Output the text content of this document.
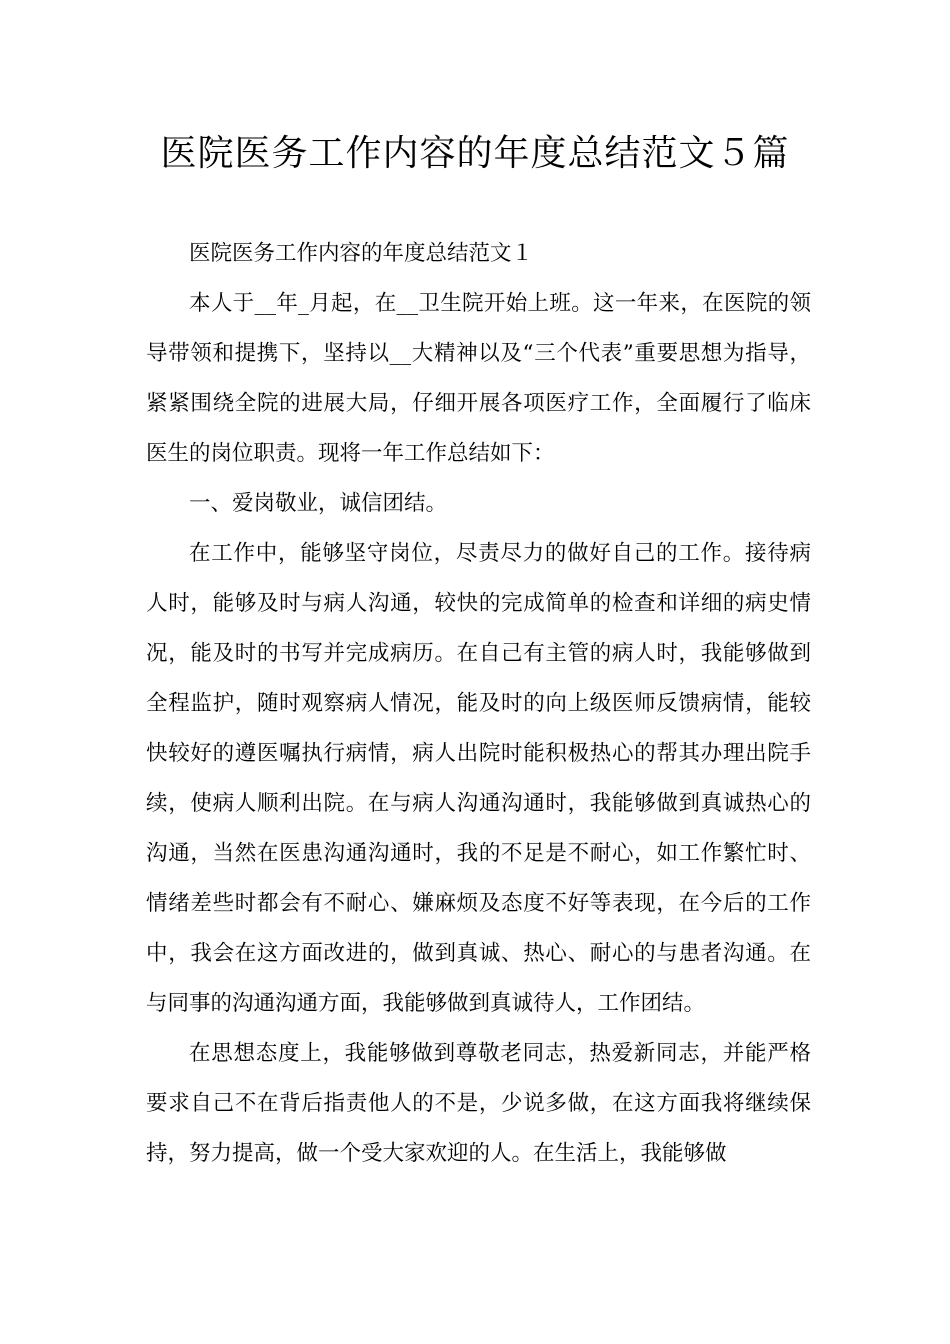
医院医务工作内容的年度总结范文５篇

医院医务工作内容的年度总结范文１

本人于__年_月起，在__卫生院开始上班。这一年来，在医院的领导带领和提携下，坚持以__大精神以及“三个代表”重要思想为指导，紧紧围绕全院的进展大局，仔细开展各项医疗工作，全面履行了临床医生的岗位职责。现将一年工作总结如下：

一、爱岗敬业，诚信团结。

在工作中，能够坚守岗位，尽责尽力的做好自己的工作。接待病人时，能够及时与病人沟通，较快的完成简单的检查和详细的病史情况，能及时的书写并完成病历。在自己有主管的病人时，我能够做到全程监护，随时观察病人情况，能及时的向上级医师反馈病情，能较快较好的遵医嘱执行病情，病人出院时能积极热心的帮其办理出院手续，使病人顺利出院。在与病人沟通沟通时，我能够做到真诚热心的沟通，当然在医患沟通沟通时，我的不足是不耐心，如工作繁忙时、情绪差些时都会有不耐心、嫌麻烦及态度不好等表现，在今后的工作中，我会在这方面改进的，做到真诚、热心、耐心的与患者沟通。在与同事的沟通沟通方面，我能够做到真诚待人，工作团结。

在思想态度上，我能够做到尊敬老同志，热爱新同志，并能严格要求自己不在背后指责他人的不是，少说多做，在这方面我将继续保持，努力提高，做一个受大家欢迎的人。在生活上，我能够做
